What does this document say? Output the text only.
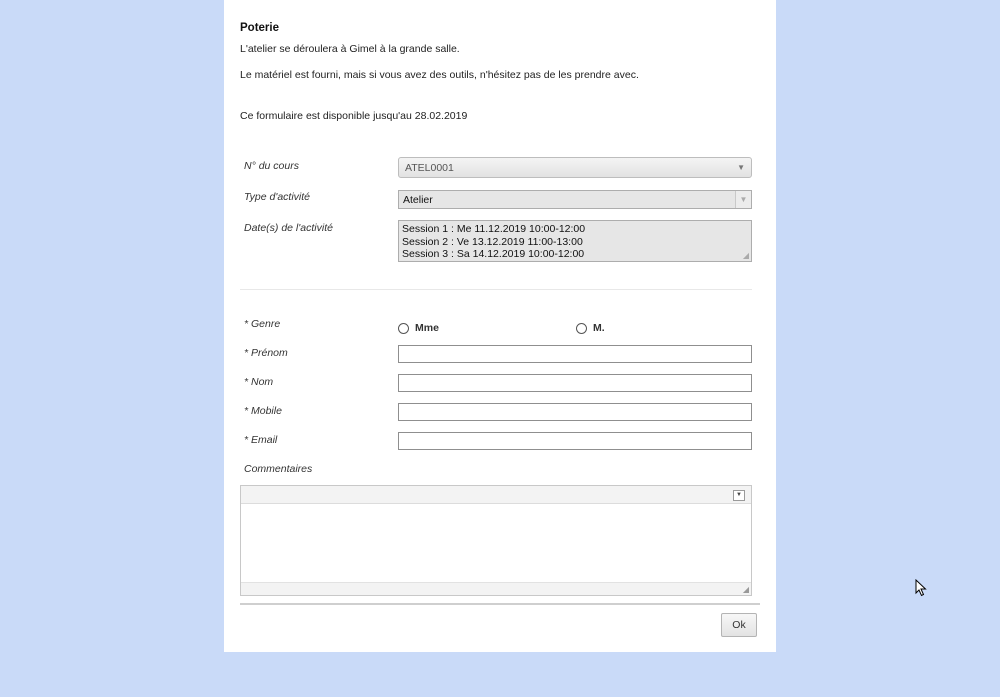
Poterie
L'atelier se déroulera à Gimel à la grande salle.
Le matériel est fourni, mais si vous avez des outils, n'hésitez pas de les prendre avec.
Ce formulaire est disponible jusqu'au 28.02.2019
N° du cours	ATEL0001	▼
Type d'activité	Atelier	▼
Date(s) de l'activité	Session 1 : Me 11.12.2019 10:00-12:00
Session 2 : Ve 13.12.2019 11:00-13:00
Session 3 : Sa 14.12.2019 10:00-12:00	◢
* Genre	Mme	M.
* Prénom
* Nom
* Mobile
* Email
Commentaires
▼
◢
Ok
